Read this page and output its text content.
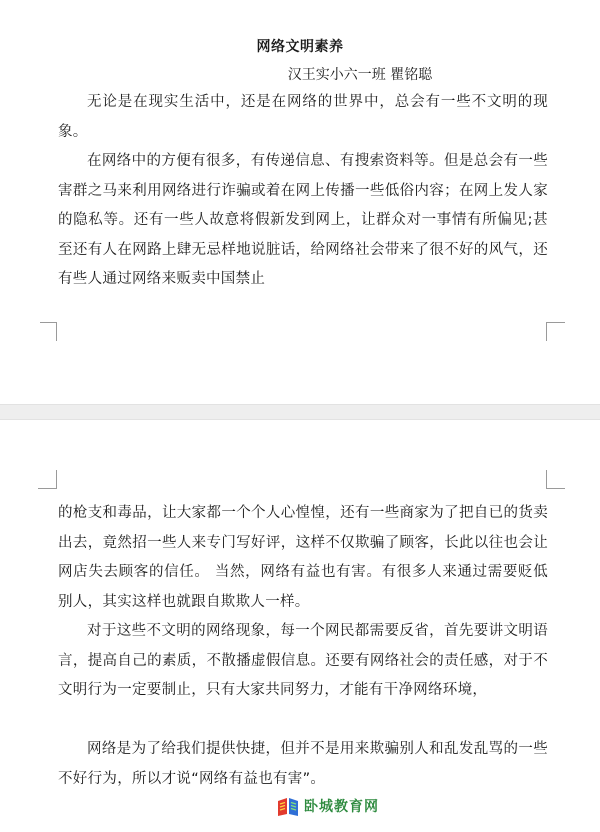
网络文明素养
汉王实小六一班 瞿铭聪

无论是在现实生活中，还是在网络的世界中，总会有一些不文明的现象。

在网络中的方便有很多，有传递信息、有搜索资料等。但是总会有一些害群之马来利用网络进行诈骗或着在网上传播一些低俗内容；在网上发人家的隐私等。还有一些人故意将假新发到网上，让群众对一事情有所偏见;甚至还有人在网路上肆无忌样地说脏话，给网络社会带来了很不好的风气，还有些人通过网络来贩卖中国禁止

的枪支和毒品，让大家都一个个人心惶惶，还有一些商家为了把自已的货卖出去，竟然招一些人来专门写好评，这样不仅欺骗了顾客，长此以往也会让网店失去顾客的信任。 当然，网络有益也有害。有很多人来通过需要贬低别人，其实这样也就跟自欺欺人一样。

对于这些不文明的网络现象，每一个网民都需要反省，首先要讲文明语言，提高自己的素质，不散播虚假信息。还要有网络社会的责任感，对于不文明行为一定要制止，只有大家共同努力，才能有干净网络环境，

网络是为了给我们提供快捷，但并不是用来欺骗别人和乱发乱骂的一些不好行为，所以才说“网络有益也有害”。

卧城教育网
